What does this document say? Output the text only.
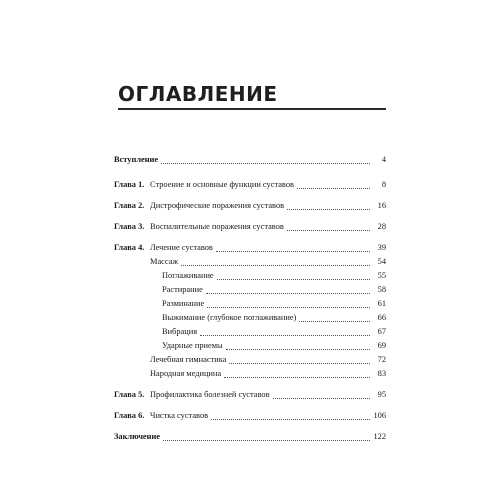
ОГЛАВЛЕНИЕ
Вступление	4
Глава 1. Строение и основные функции суставов	8
Глава 2. Дистрофические поражения суставов	16
Глава 3. Воспалительные поражения суставов	28
Глава 4. Лечение суставов	39
Массаж	54
Поглаживание	55
Растирание	58
Разминание	61
Выжимание (глубокое поглаживание)	66
Вибрация	67
Ударные приемы	69
Лечебная гимнастика	72
Народная медицина	83
Глава 5. Профилактика болезней суставов	95
Глава 6. Чистка суставов	106
Заключение	122
